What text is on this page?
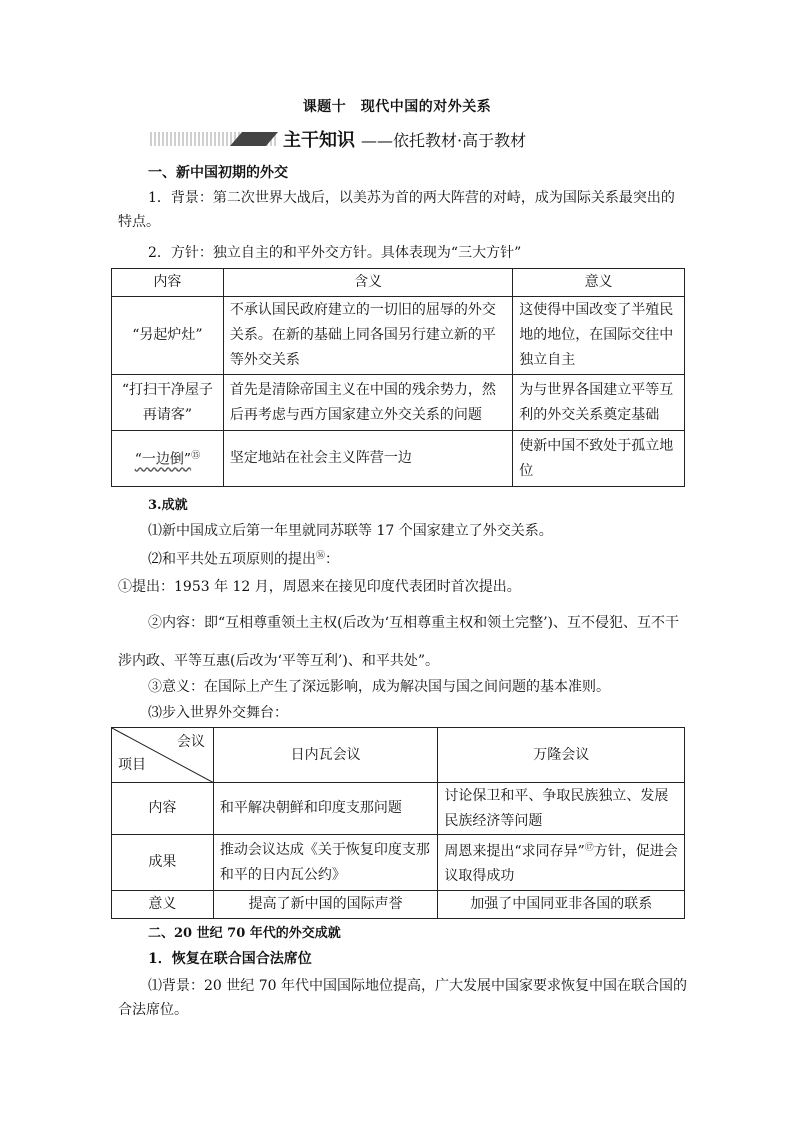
课题十　现代中国的对外关系
主干知识 ——依托教材·高于教材
一、新中国初期的外交
1．背景：第二次世界大战后，以美苏为首的两大阵营的对峙，成为国际关系最突出的特点。
2．方针：独立自主的和平外交方针。具体表现为“三大方针”
内容	含义	意义
“另起炉灶”	不承认国民政府建立的一切旧的屈辱的外交关系。在新的基础上同各国另行建立新的平等外交关系	这使得中国改变了半殖民地的地位，在国际交往中独立自主
“打扫干净屋子再请客”	首先是清除帝国主义在中国的残余势力，然后再考虑与西方国家建立外交关系的问题	为与世界各国建立平等互利的外交关系奠定基础
“一边倒”⑮	坚定地站在社会主义阵营一边	使新中国不致处于孤立地位
3.成就
⑴新中国成立后第一年里就同苏联等 17 个国家建立了外交关系。
⑵和平共处五项原则的提出⑯：
①提出：1953 年 12 月，周恩来在接见印度代表团时首次提出。
②内容：即“互相尊重领土主权(后改为‘互相尊重主权和领土完整’)、互不侵犯、互不干涉内政、平等互惠(后改为‘平等互利’)、和平共处”。
③意义：在国际上产生了深远影响，成为解决国与国之间问题的基本准则。
⑶步入世界外交舞台：
会议
项目	日内瓦会议	万隆会议
内容	和平解决朝鲜和印度支那问题	讨论保卫和平、争取民族独立、发展民族经济等问题
成果	推动会议达成《关于恢复印度支那和平的日内瓦公约》	周恩来提出“求同存异”⑰方针，促进会议取得成功
意义	提高了新中国的国际声誉	加强了中国同亚非各国的联系
二、20 世纪 70 年代的外交成就
1．恢复在联合国合法席位
⑴背景：20 世纪 70 年代中国国际地位提高，广大发展中国家要求恢复中国在联合国的合法席位。
